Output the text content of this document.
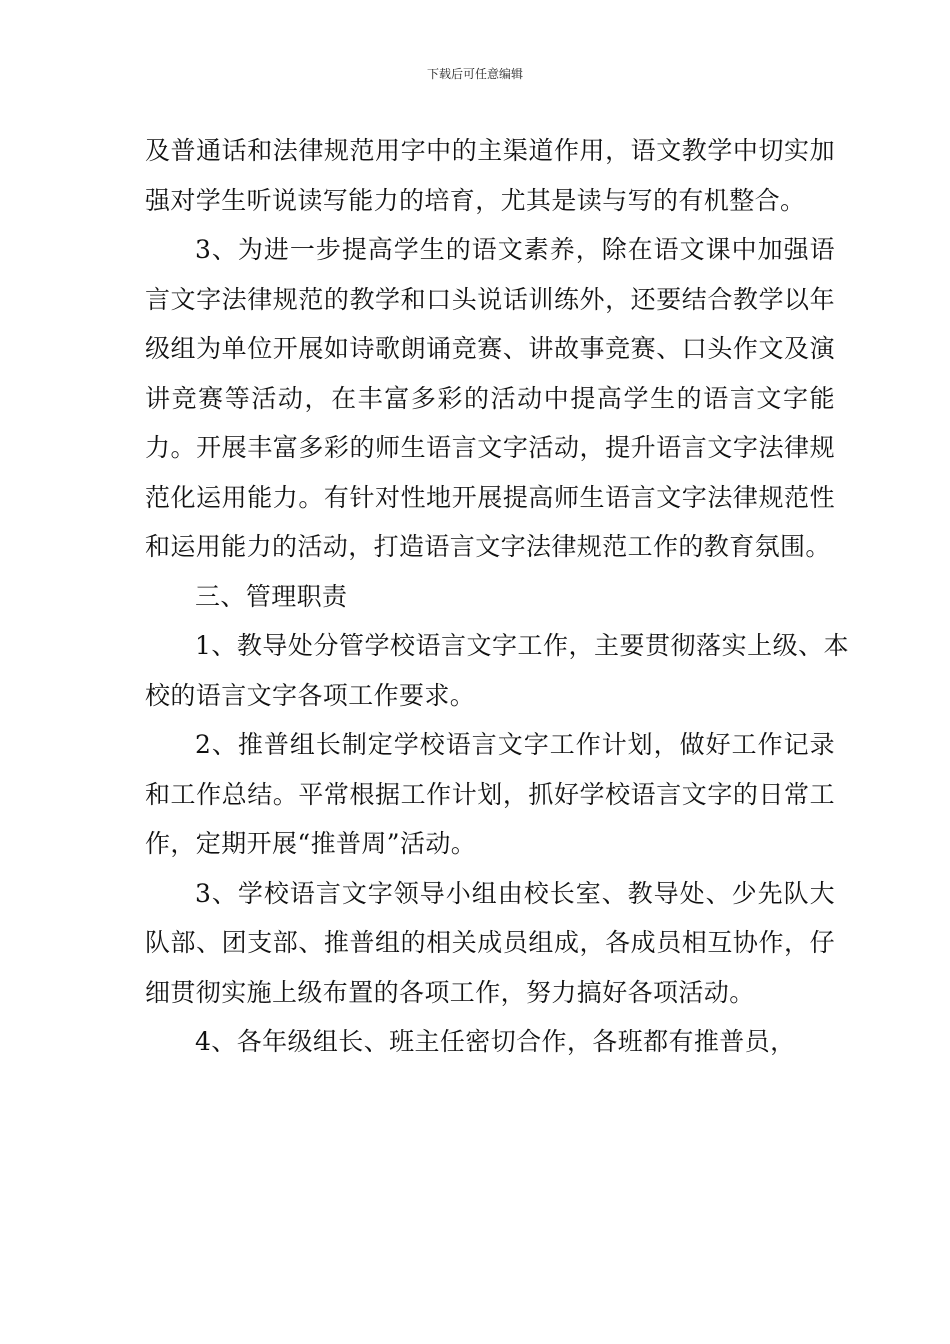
下载后可任意编辑

及普通话和法律规范用字中的主渠道作用，语文教学中切实加强对学生听说读写能力的培育，尤其是读与写的有机整合。

3、为进一步提高学生的语文素养，除在语文课中加强语言文字法律规范的教学和口头说话训练外，还要结合教学以年级组为单位开展如诗歌朗诵竞赛、讲故事竞赛、口头作文及演讲竞赛等活动，在丰富多彩的活动中提高学生的语言文字能力。开展丰富多彩的师生语言文字活动，提升语言文字法律规范化运用能力。有针对性地开展提高师生语言文字法律规范性和运用能力的活动，打造语言文字法律规范工作的教育氛围。

三、管理职责

1、教导处分管学校语言文字工作，主要贯彻落实上级、本校的语言文字各项工作要求。

2、推普组长制定学校语言文字工作计划，做好工作记录和工作总结。平常根据工作计划，抓好学校语言文字的日常工作，定期开展“推普周”活动。

3、学校语言文字领导小组由校长室、教导处、少先队大队部、团支部、推普组的相关成员组成，各成员相互协作，仔细贯彻实施上级布置的各项工作，努力搞好各项活动。

4、各年级组长、班主任密切合作，各班都有推普员，
